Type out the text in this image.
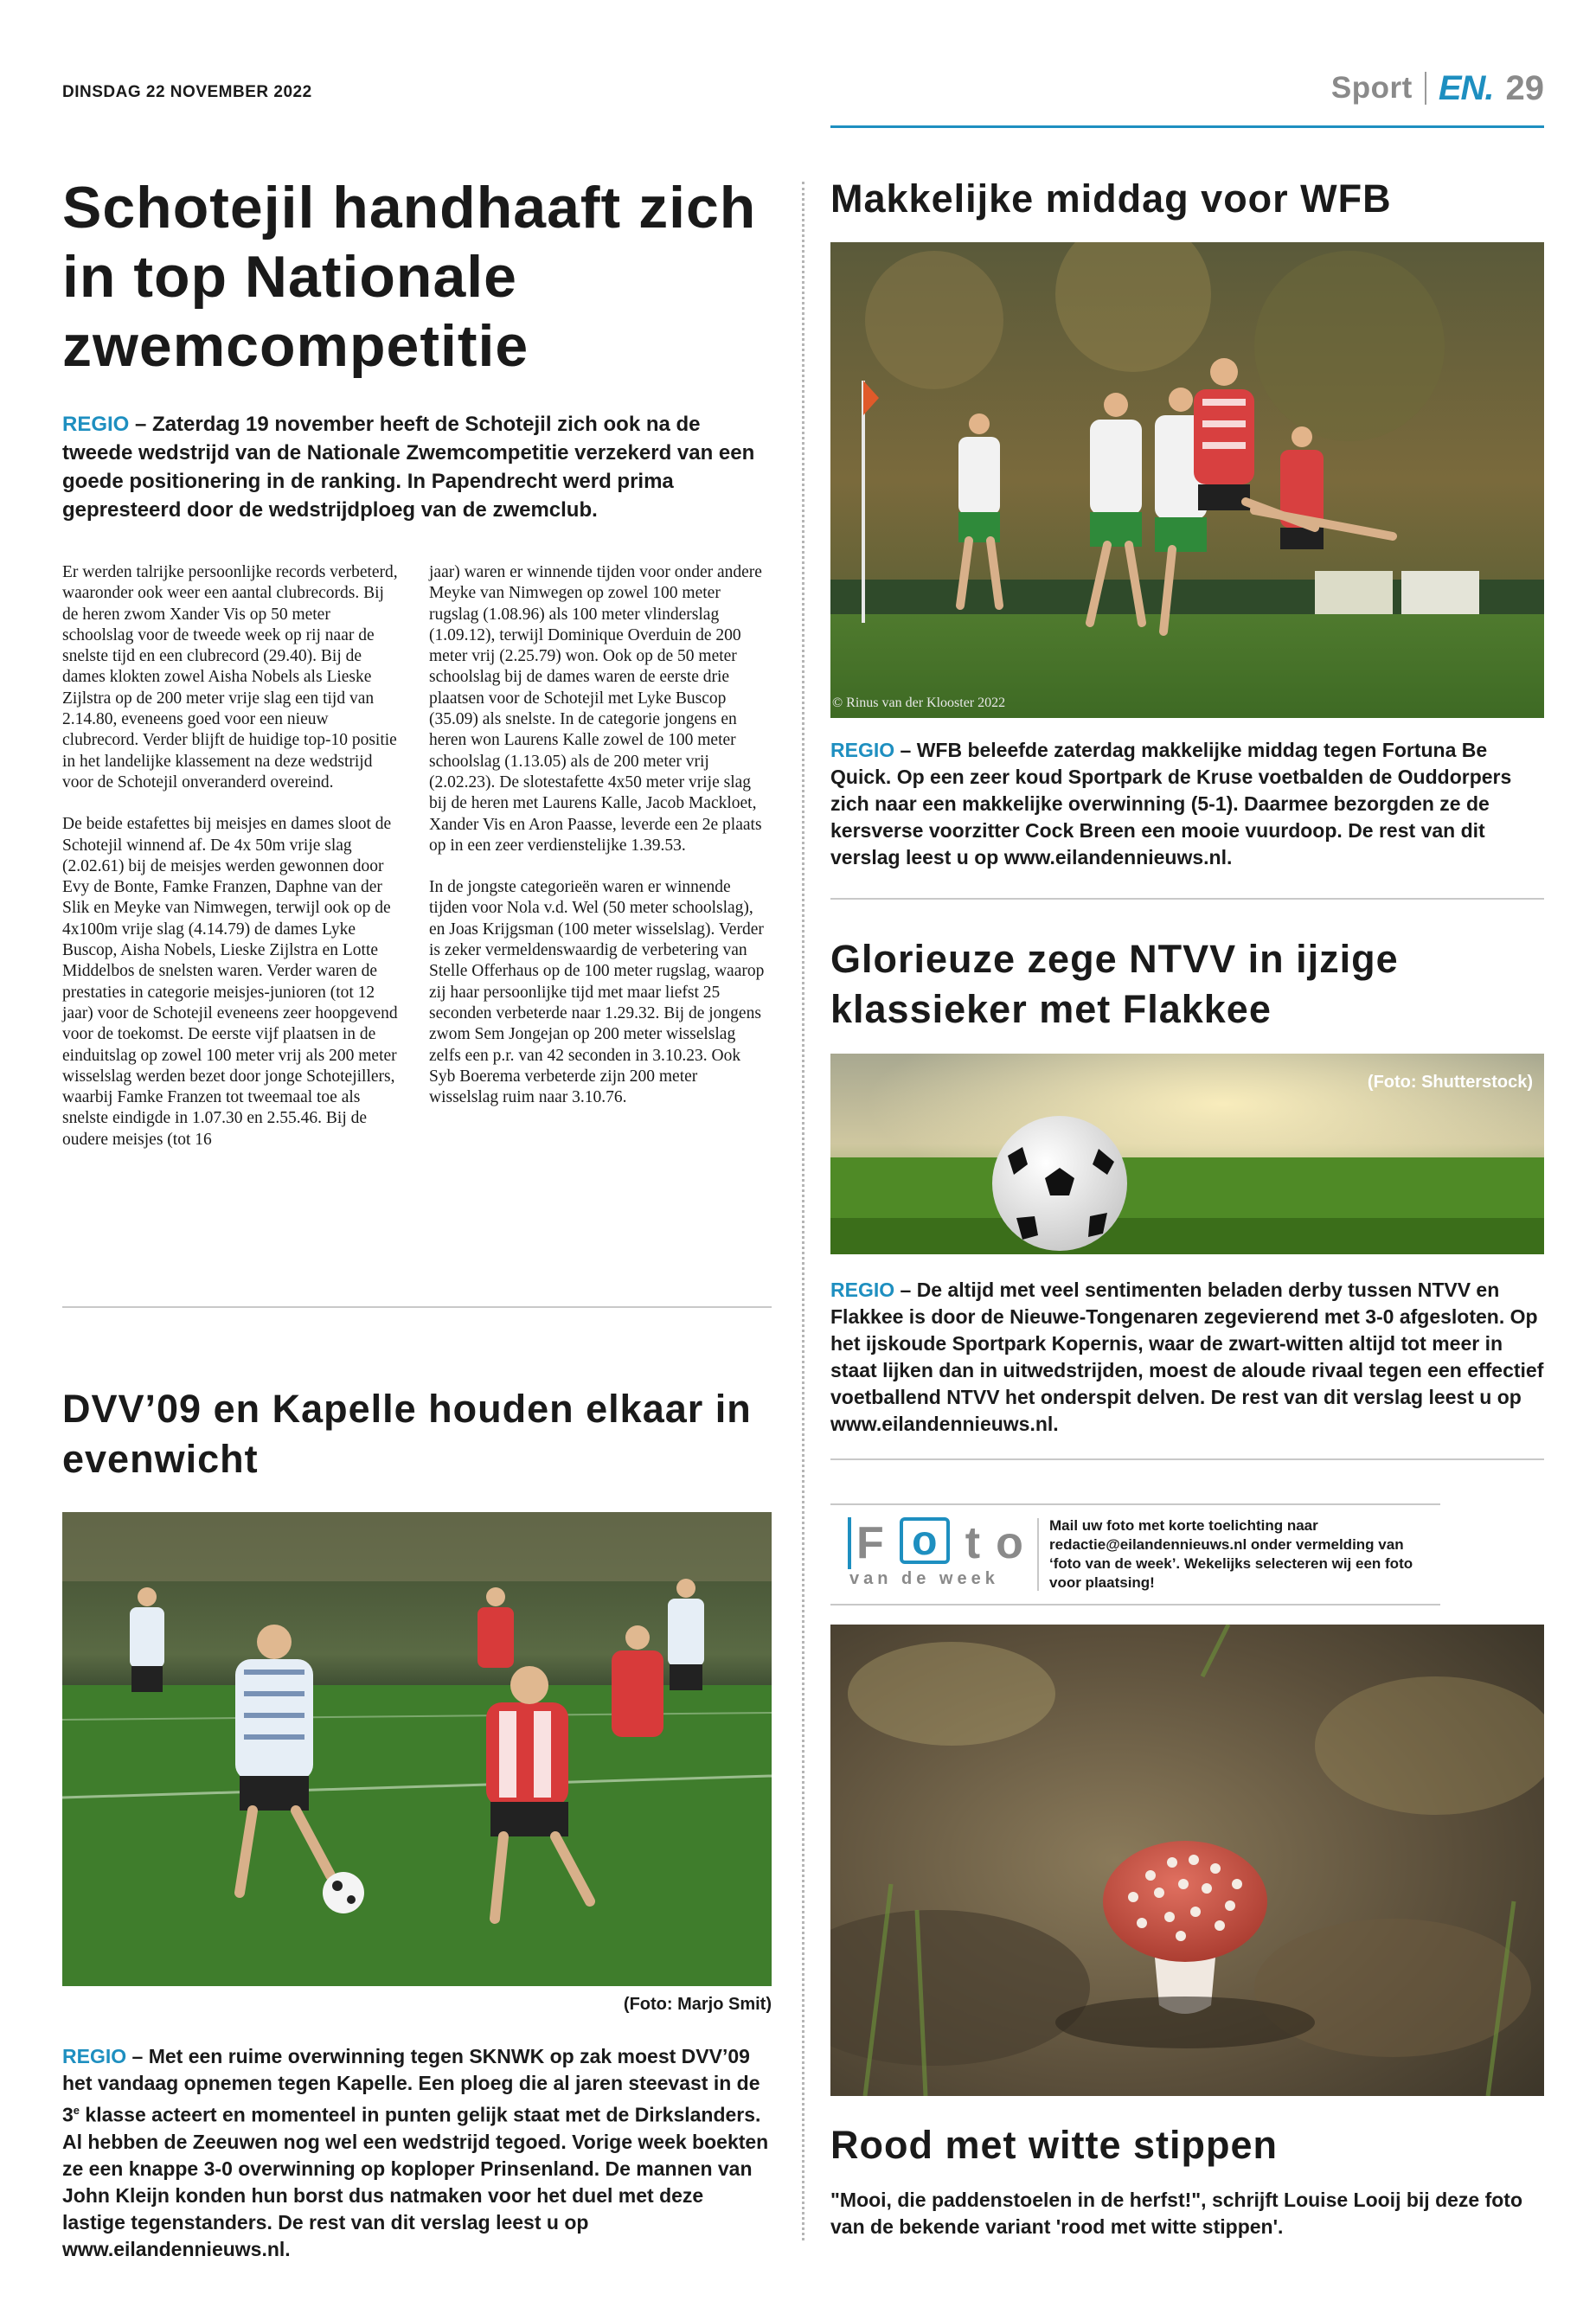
DINSDAG 22 NOVEMBER 2022	Sport EN. 29
Schotejil handhaaft zich in top Nationale zwemcompetitie
REGIO – Zaterdag 19 november heeft de Schotejil zich ook na de tweede wedstrijd van de Nationale Zwemcompetitie verzekerd van een goede positionering in de ranking. In Papendrecht werd prima gepresteerd door de wedstrijdploeg van de zwemclub.

Er werden talrijke persoonlijke records verbeterd, waaronder ook weer een aantal clubrecords. Bij de heren zwom Xander Vis op 50 meter schoolslag voor de tweede week op rij naar de snelste tijd en een clubrecord (29.40). Bij de dames klokten zowel Aisha Nobels als Lieske Zijlstra op de 200 meter vrije slag een tijd van 2.14.80, eveneens goed voor een nieuw clubrecord. Verder blijft de huidige top-10 positie in het landelijke klassement na deze wedstrijd voor de Schotejil onveranderd overeind.

De beide estafettes bij meisjes en dames sloot de Schotejil winnend af. De 4x 50m vrije slag (2.02.61) bij de meisjes werden gewonnen door Evy de Bonte, Famke Franzen, Daphne van der Slik en Meyke van Nimwegen, terwijl ook op de 4x100m vrije slag (4.14.79) de dames Lyke Buscop, Aisha Nobels, Lieske Zijlstra en Lotte Middelbos de snelsten waren. Verder waren de prestaties in categorie meisjes-junioren (tot 12 jaar) voor de Schotejil eveneens zeer hoopgevend voor de toekomst. De eerste vijf plaatsen in de einduitslag op zowel 100 meter vrij als 200 meter wisselslag werden bezet door jonge Schotejillers, waarbij Famke Franzen tot tweemaal toe als snelste eindigde in 1.07.30 en 2.55.46. Bij de oudere meisjes (tot 16

jaar) waren er winnende tijden voor onder andere Meyke van Nimwegen op zowel 100 meter rugslag (1.08.96) als 100 meter vlinderslag (1.09.12), terwijl Dominique Overduin de 200 meter vrij (2.25.79) won. Ook op de 50 meter schoolslag bij de dames waren de eerste drie plaatsen voor de Schotejil met Lyke Buscop (35.09) als snelste. In de categorie jongens en heren won Laurens Kalle zowel de 100 meter schoolslag (1.13.05) als de 200 meter vrij (2.02.23). De slotestafette 4x50 meter vrije slag bij de heren met Laurens Kalle, Jacob Mackloet, Xander Vis en Aron Paasse, leverde een 2e plaats op in een zeer verdienstelijke 1.39.53.

In de jongste categorieën waren er winnende tijden voor Nola v.d. Wel (50 meter schoolslag), en Joas Krijgsman (100 meter wisselslag). Verder is zeker vermeldenswaardig de verbetering van Stelle Offerhaus op de 100 meter rugslag, waarop zij haar persoonlijke tijd met maar liefst 25 seconden verbeterde naar 1.29.32. Bij de jongens zwom Sem Jongejan op 200 meter wisselslag zelfs een p.r. van 42 seconden in 3.10.23. Ook Syb Boerema verbeterde zijn 200 meter wisselslag ruim naar 3.10.76.

Makkelijke middag voor WFB
© Rinus van der Klooster 2022
REGIO – WFB beleefde zaterdag makkelijke middag tegen Fortuna Be Quick. Op een zeer koud Sportpark de Kruse voetbalden de Ouddorpers zich naar een makkelijke overwinning (5-1). Daarmee bezorgden ze de kersverse voorzitter Cock Breen een mooie vuurdoop. De rest van dit verslag leest u op www.eilandennieuws.nl.
Glorieuze zege NTVV in ijzige klassieker met Flakkee
(Foto: Shutterstock)
REGIO – De altijd met veel sentimenten beladen derby tussen NTVV en Flakkee is door de Nieuwe-Tongenaren zegevierend met 3-0 afgesloten. Op het ijskoude Sportpark Kopernis, waar de zwart-witten altijd tot meer in staat lijken dan in uitwedstrijden, moest de aloude rivaal tegen een effectief voetballend NTVV het onderspit delven. De rest van dit verslag leest u op www.eilandennieuws.nl.
DVV’09 en Kapelle houden elkaar in evenwicht
(Foto: Marjo Smit)
REGIO – Met een ruime overwinning tegen SKNWK op zak moest DVV’09 het vandaag opnemen tegen Kapelle. Een ploeg die al jaren steevast in de 3e klasse acteert en momenteel in punten gelijk staat met de Dirkslanders. Al hebben de Zeeuwen nog wel een wedstrijd tegoed. Vorige week boekten ze een knappe 3-0 overwinning op koploper Prinsenland. De mannen van John Kleijn konden hun borst dus natmaken voor het duel met deze lastige tegenstanders. De rest van dit verslag leest u op www.eilandennieuws.nl.
F o t o
van de week
Mail uw foto met korte toelichting naar redactie@eilandennieuws.nl onder vermelding van ‘foto van de week’. Wekelijks selecteren wij een foto voor plaatsing!
Rood met witte stippen
"Mooi, die paddenstoelen in de herfst!", schrijft Louise Looij bij deze foto van de bekende variant 'rood met witte stippen'.
